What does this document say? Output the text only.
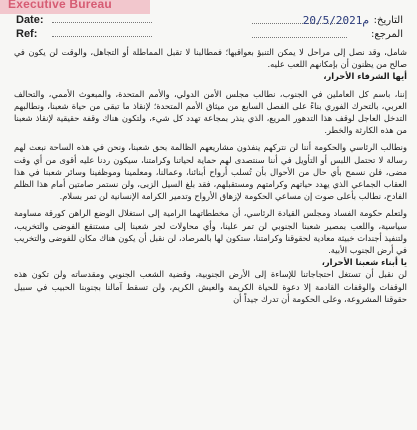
Executive Bureau
Date:	20/5/2021م التاريخ:
Ref:	المرجع:

شامل، وقد نصل إلى مراحل لا يمكن التنبؤ بعواقبها؛ فمطالبنا لا تقبل المماطلة أو التجاهل، والوقت لن يكون في صالح من يظنون أن بإمكانهم اللعب عليه.

أيها الشرفاء الأحرار،

إننا، باسم كل العاملين في الجنوب، نطالب مجلس الأمن الدولي، والأمم المتحدة، والمبعوث الأممي، والتحالف العربي، بالتحرك الفوري بناءً على الفصل السابع من ميثاق الأمم المتحدة؛ لإنقاذ ما تبقى من حياة شعبنا، ونطالبهم التدخل العاجل لوقف هذا التدهور المريع، الذي ينذر بمجاعة تهدد كل شيء، ولتكون هناك وقفة حقيقية لإنقاذ شعبنا من هذه الكارثة والخطر.

ونطالب الرئاسي والحكومة أننا لن نتركهم ينفذون مشاريعهم الظالمة بحق شعبنا، ونحن في هذه الساحة نبعث لهم رسالة لا تحتمل اللبس أو التأويل في أننا سنتصدى لهم حماية لحياتنا وكرامتنا، سيكون ردنا عليه أقوى من أي وقت مضى، فلن نسمح بأي حال من الأحوال بأن تُسلب أرواح أبنائنا، وعمالنا، ومعلمينا وموظفينا وسائر شعبنا في هذا العقاب الجماعي الذي يهدد حياتهم وكرامتهم ومستقبلهم، فقد بلغ السيل الزبى، ولن نستمر صامتين أمام هذا الظلم الفادح، نطالب بأعلى صوت إن مساعي الحكومة لإزهاق الأرواح وتدمير الكرامة الإنسانية لن تمر بسلام.

ولتعلم حكومة الفساد ومجلس القيادة الرئاسي، أن مخططاتهما الرامية إلى استغلال الوضع الراهن كورقة مساومة سياسية، واللعب بمصير شعبنا الجنوبي لن تمر علينا، وأي محاولات لجر شعبنا إلى مستنقع الفوضى والتخريب، ولتنفيذ أجندات خبيثة معادية لحقوقنا وكرامتنا، ستكون لها بالمرصاد، لن نقبل أن يكون هناك مكان للفوضى والتخريب في أرض الجنوب الأبية.

يا أبناء شعبنا الأحرار،

لن نقبل أن تستغل احتجاجاتنا للإساءة إلى الأرض الجنوبية، وقضية الشعب الجنوبي ومقدساته ولن تكون هذه الوقفات والوقفات القادمة إلا دعوة للحياة الكريمة والعيش الكريم، ولن تسقط آمالنا بجنوبنا الحبيب في سبيل حقوقنا المشروعة، وعلى الحكومة أن تدرك جيداً أن
